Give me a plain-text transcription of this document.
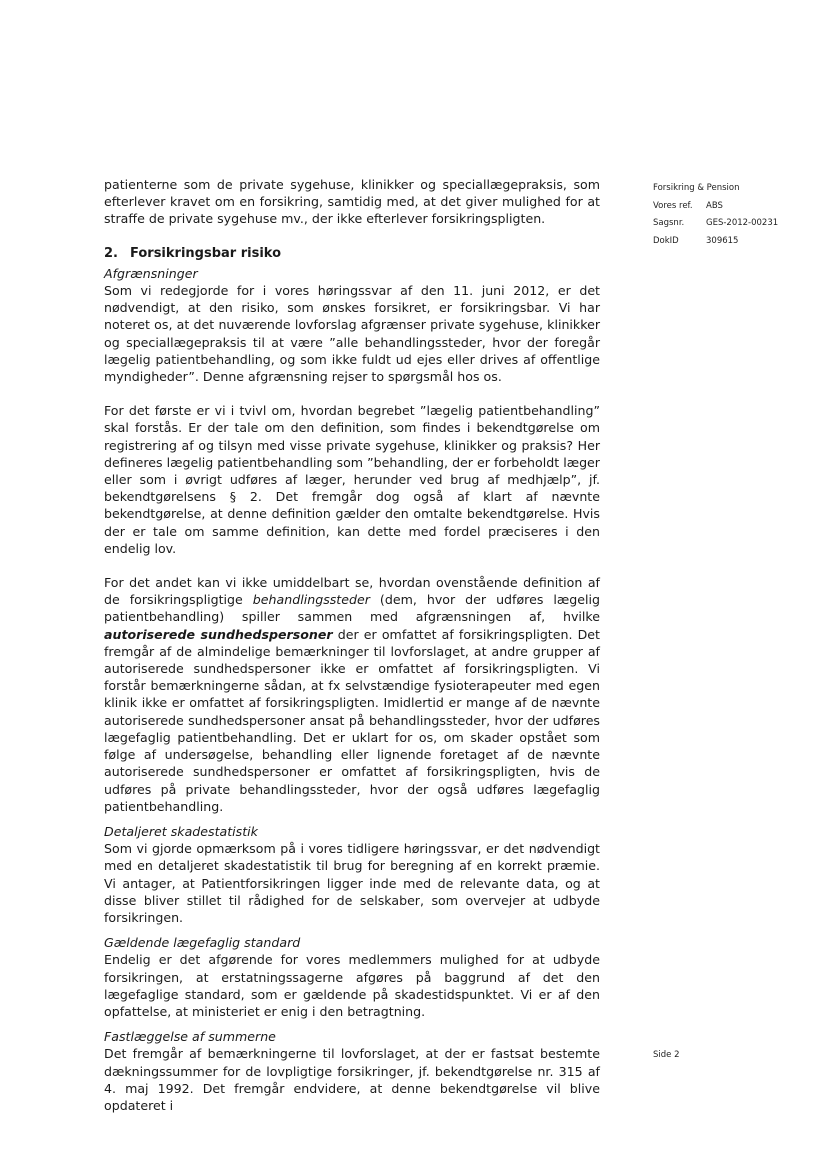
Forsikring & Pension
Vores ref.	ABS
Sagsnr.	GES-2012-00231
DokID	309615

patienterne som de private sygehuse, klinikker og speciallægepraksis, som efterlever kravet om en forsikring, samtidig med, at det giver mulighed for at straffe de private sygehuse mv., der ikke efterlever forsikringspligten.

2. Forsikringsbar risiko

Afgrænsninger

Som vi redegjorde for i vores høringssvar af den 11. juni 2012, er det nødvendigt, at den risiko, som ønskes forsikret, er forsikringsbar. Vi har noteret os, at det nuværende lovforslag afgrænser private sygehuse, klinikker og speciallægepraksis til at være ”alle behandlingssteder, hvor der foregår lægelig patientbehandling, og som ikke fuldt ud ejes eller drives af offentlige myndigheder”. Denne afgrænsning rejser to spørgsmål hos os.

For det første er vi i tvivl om, hvordan begrebet ”lægelig patientbehandling” skal forstås. Er der tale om den definition, som findes i bekendtgørelse om registrering af og tilsyn med visse private sygehuse, klinikker og praksis? Her defineres lægelig patientbehandling som ”behandling, der er forbeholdt læger eller som i øvrigt udføres af læger, herunder ved brug af medhjælp”, jf. bekendtgørelsens § 2. Det fremgår dog også af klart af nævnte bekendtgørelse, at denne definition gælder den omtalte bekendtgørelse. Hvis der er tale om samme definition, kan dette med fordel præciseres i den endelig lov.

For det andet kan vi ikke umiddelbart se, hvordan ovenstående definition af de forsikringspligtige behandlingssteder (dem, hvor der udføres lægelig patientbehandling) spiller sammen med afgrænsningen af, hvilke autoriserede sundhedspersoner der er omfattet af forsikringspligten. Det fremgår af de almindelige bemærkninger til lovforslaget, at andre grupper af autoriserede sundhedspersoner ikke er omfattet af forsikringspligten. Vi forstår bemærkningerne sådan, at fx selvstændige fysioterapeuter med egen klinik ikke er omfattet af forsikringspligten. Imidlertid er mange af de nævnte autoriserede sundhedspersoner ansat på behandlingssteder, hvor der udføres lægefaglig patientbehandling. Det er uklart for os, om skader opstået som følge af undersøgelse, behandling eller lignende foretaget af de nævnte autoriserede sundhedspersoner er omfattet af forsikringspligten, hvis de udføres på private behandlingssteder, hvor der også udføres lægefaglig patientbehandling.

Detaljeret skadestatistik

Som vi gjorde opmærksom på i vores tidligere høringssvar, er det nødvendigt med en detaljeret skadestatistik til brug for beregning af en korrekt præmie. Vi antager, at Patientforsikringen ligger inde med de relevante data, og at disse bliver stillet til rådighed for de selskaber, som overvejer at udbyde forsikringen.

Gældende lægefaglig standard

Endelig er det afgørende for vores medlemmers mulighed for at udbyde forsikringen, at erstatningssagerne afgøres på baggrund af det den lægefaglige standard, som er gældende på skadestidspunktet. Vi er af den opfattelse, at ministeriet er enig i den betragtning.

Fastlæggelse af summerne

Det fremgår af bemærkningerne til lovforslaget, at der er fastsat bestemte dækningssummer for de lovpligtige forsikringer, jf. bekendtgørelse nr. 315 af 4. maj 1992. Det fremgår endvidere, at denne bekendtgørelse vil blive opdateret i

Side 2
